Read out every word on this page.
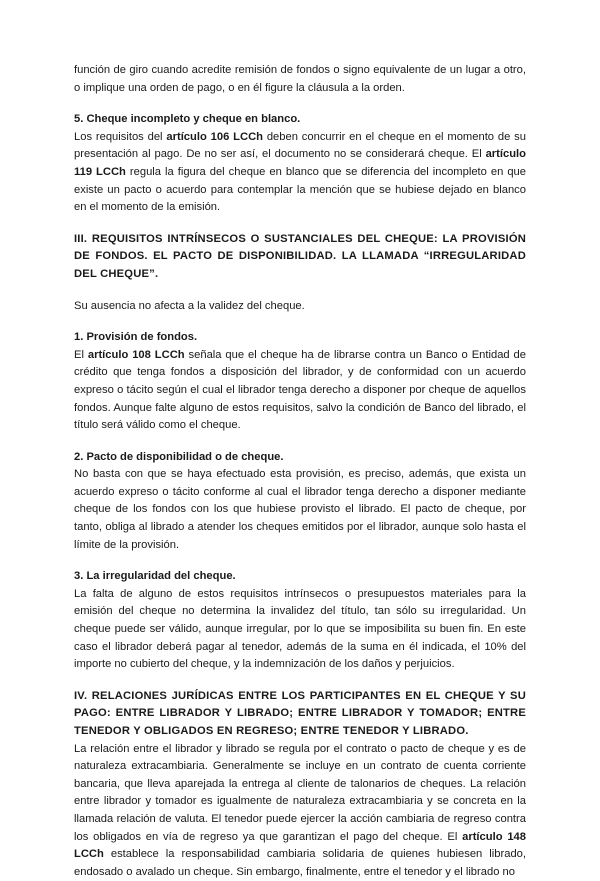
función de giro cuando acredite remisión de fondos o signo equivalente de un lugar a otro, o implique una orden de pago, o en él figure la cláusula a la orden.

5. Cheque incompleto y cheque en blanco.

Los requisitos del artículo 106 LCCh deben concurrir en el cheque en el momento de su presentación al pago. De no ser así, el documento no se considerará cheque. El artículo 119 LCCh regula la figura del cheque en blanco que se diferencia del incompleto en que existe un pacto o acuerdo para contemplar la mención que se hubiese dejado en blanco en el momento de la emisión.

III. REQUISITOS INTRÍNSECOS O SUSTANCIALES DEL CHEQUE: LA PROVISIÓN DE FONDOS. EL PACTO DE DISPONIBILIDAD. LA LLAMADA “IRREGULARIDAD DEL CHEQUE”.

Su ausencia no afecta a la validez del cheque.

1. Provisión de fondos.

El artículo 108 LCCh señala que el cheque ha de librarse contra un Banco o Entidad de crédito que tenga fondos a disposición del librador, y de conformidad con un acuerdo expreso o tácito según el cual el librador tenga derecho a disponer por cheque de aquellos fondos. Aunque falte alguno de estos requisitos, salvo la condición de Banco del librado, el título será válido como el cheque.

2. Pacto de disponibilidad o de cheque.

No basta con que se haya efectuado esta provisión, es preciso, además, que exista un acuerdo expreso o tácito conforme al cual el librador tenga derecho a disponer mediante cheque de los fondos con los que hubiese provisto el librado. El pacto de cheque, por tanto, obliga al librado a atender los cheques emitidos por el librador, aunque solo hasta el límite de la provisión.

3. La irregularidad del cheque.

La falta de alguno de estos requisitos intrínsecos o presupuestos materiales para la emisión del cheque no determina la invalidez del título, tan sólo su irregularidad. Un cheque puede ser válido, aunque irregular, por lo que se imposibilita su buen fin. En este caso el librador deberá pagar al tenedor, además de la suma en él indicada, el 10% del importe no cubierto del cheque, y la indemnización de los daños y perjuicios.

IV. RELACIONES JURÍDICAS ENTRE LOS PARTICIPANTES EN EL CHEQUE Y SU PAGO: ENTRE LIBRADOR Y LIBRADO; ENTRE LIBRADOR Y TOMADOR; ENTRE TENEDOR Y OBLIGADOS EN REGRESO; ENTRE TENEDOR Y LIBRADO.

La relación entre el librador y librado se regula por el contrato o pacto de cheque y es de naturaleza extracambiaria. Generalmente se incluye en un contrato de cuenta corriente bancaria, que lleva aparejada la entrega al cliente de talonarios de cheques. La relación entre librador y tomador es igualmente de naturaleza extracambiaria y se concreta en la llamada relación de valuta. El tenedor puede ejercer la acción cambiaria de regreso contra los obligados en vía de regreso ya que garantizan el pago del cheque. El artículo 148 LCCh establece la responsabilidad cambiaria solidaria de quienes hubiesen librado, endosado o avalado un cheque. Sin embargo, finalmente, entre el tenedor y el librado no
